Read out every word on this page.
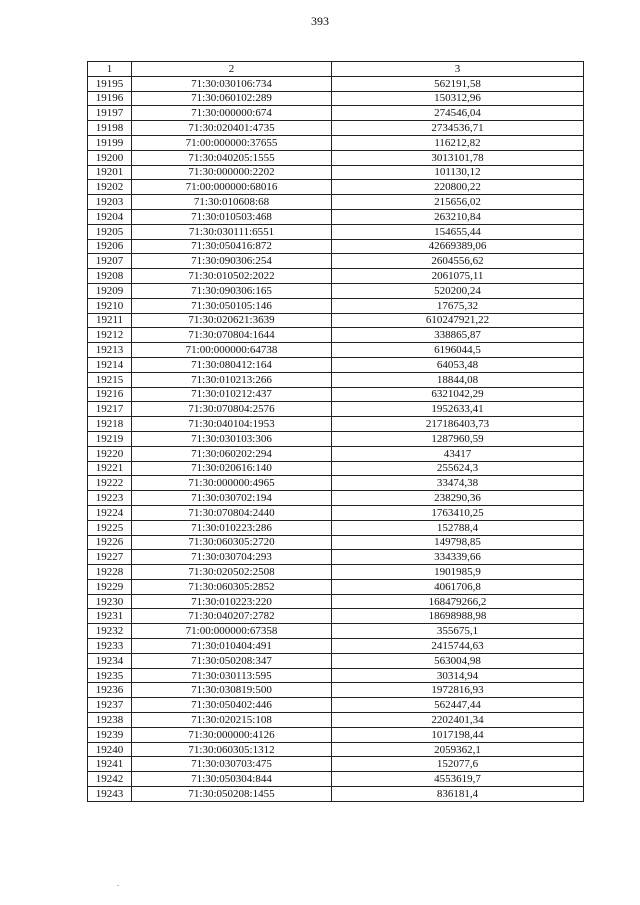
393
1	2	3
19195	71:30:030106:734	562191,58
19196	71:30:060102:289	150312,96
19197	71:30:000000:674	274546,04
19198	71:30:020401:4735	2734536,71
19199	71:00:000000:37655	116212,82
19200	71:30:040205:1555	3013101,78
19201	71:30:000000:2202	101130,12
19202	71:00:000000:68016	220800,22
19203	71:30:010608:68	215656,02
19204	71:30:010503:468	263210,84
19205	71:30:030111:6551	154655,44
19206	71:30:050416:872	42669389,06
19207	71:30:090306:254	2604556,62
19208	71:30:010502:2022	2061075,11
19209	71:30:090306:165	520200,24
19210	71:30:050105:146	17675,32
19211	71:30:020621:3639	610247921,22
19212	71:30:070804:1644	338865,87
19213	71:00:000000:64738	6196044,5
19214	71:30:080412:164	64053,48
19215	71:30:010213:266	18844,08
19216	71:30:010212:437	6321042,29
19217	71:30:070804:2576	1952633,41
19218	71:30:040104:1953	217186403,73
19219	71:30:030103:306	1287960,59
19220	71:30:060202:294	43417
19221	71:30:020616:140	255624,3
19222	71:30:000000:4965	33474,38
19223	71:30:030702:194	238290,36
19224	71:30:070804:2440	1763410,25
19225	71:30:010223:286	152788,4
19226	71:30:060305:2720	149798,85
19227	71:30:030704:293	334339,66
19228	71:30:020502:2508	1901985,9
19229	71:30:060305:2852	4061706,8
19230	71:30:010223:220	168479266,2
19231	71:30:040207:2782	18698988,98
19232	71:00:000000:67358	355675,1
19233	71:30:010404:491	2415744,63
19234	71:30:050208:347	563004,98
19235	71:30:030113:595	30314,94
19236	71:30:030819:500	1972816,93
19237	71:30:050402:446	562447,44
19238	71:30:020215:108	2202401,34
19239	71:30:000000:4126	1017198,44
19240	71:30:060305:1312	2059362,1
19241	71:30:030703:475	152077,6
19242	71:30:050304:844	4553619,7
19243	71:30:050208:1455	836181,4
